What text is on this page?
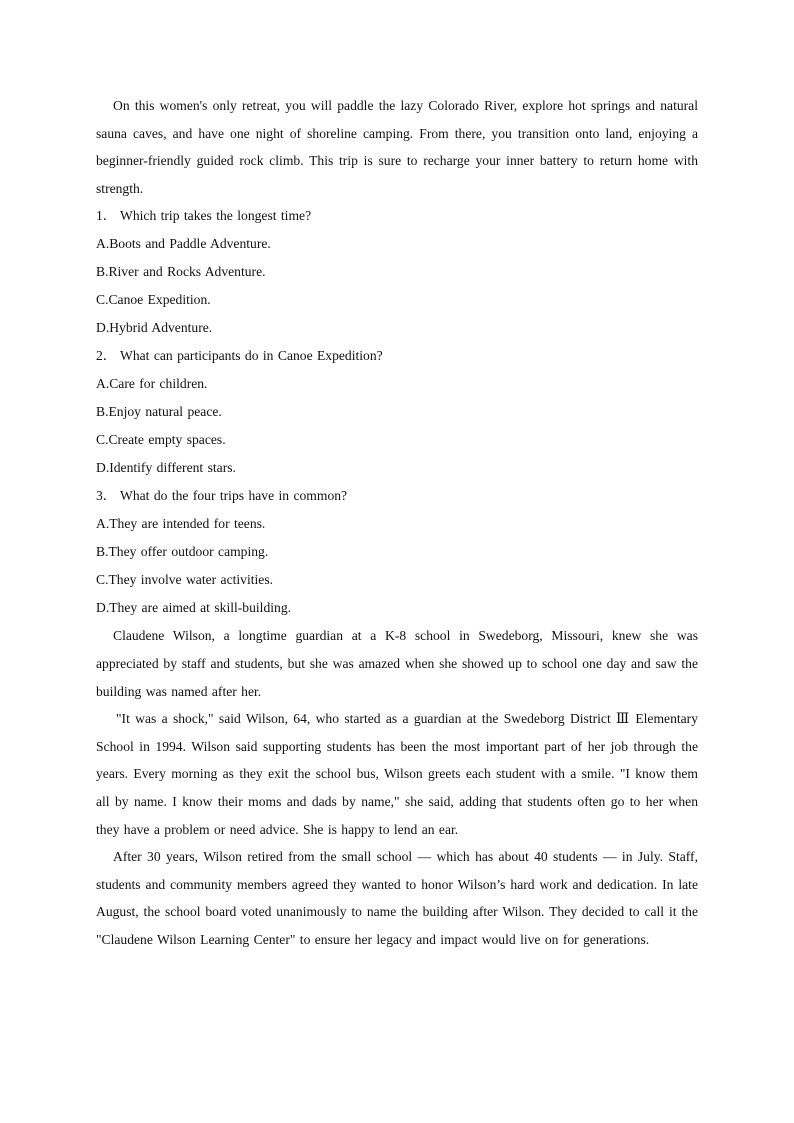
On this women's only retreat, you will paddle the lazy Colorado River, explore hot springs and natural sauna caves, and have one night of shoreline camping. From there, you transition onto land, enjoying a beginner-friendly guided rock climb. This trip is sure to recharge your inner battery to return home with strength.

1． Which trip takes the longest time?

A.Boots and Paddle Adventure.

B.River and Rocks Adventure.

C.Canoe Expedition.

D.Hybrid Adventure.

2． What can participants do in Canoe Expedition?

A.Care for children.

B.Enjoy natural peace.

C.Create empty spaces.

D.Identify different stars.

3． What do the four trips have in common?

A.They are intended for teens.

B.They offer outdoor camping.

C.They involve water activities.

D.They are aimed at skill-building.

Claudene Wilson, a longtime guardian at a K-8 school in Swedeborg, Missouri, knew she was appreciated by staff and students, but she was amazed when she showed up to school one day and saw the building was named after her.

"It was a shock," said Wilson, 64, who started as a guardian at the Swedeborg District Ⅲ Elementary School in 1994. Wilson said supporting students has been the most important part of her job through the years. Every morning as they exit the school bus, Wilson greets each student with a smile. "I know them all by name. I know their moms and dads by name," she said, adding that students often go to her when they have a problem or need advice. She is happy to lend an ear.

After 30 years, Wilson retired from the small school — which has about 40 students — in July. Staff, students and community members agreed they wanted to honor Wilson’s hard work and dedication. In late August, the school board voted unanimously to name the building after Wilson. They decided to call it the "Claudene Wilson Learning Center" to ensure her legacy and impact would live on for generations.
